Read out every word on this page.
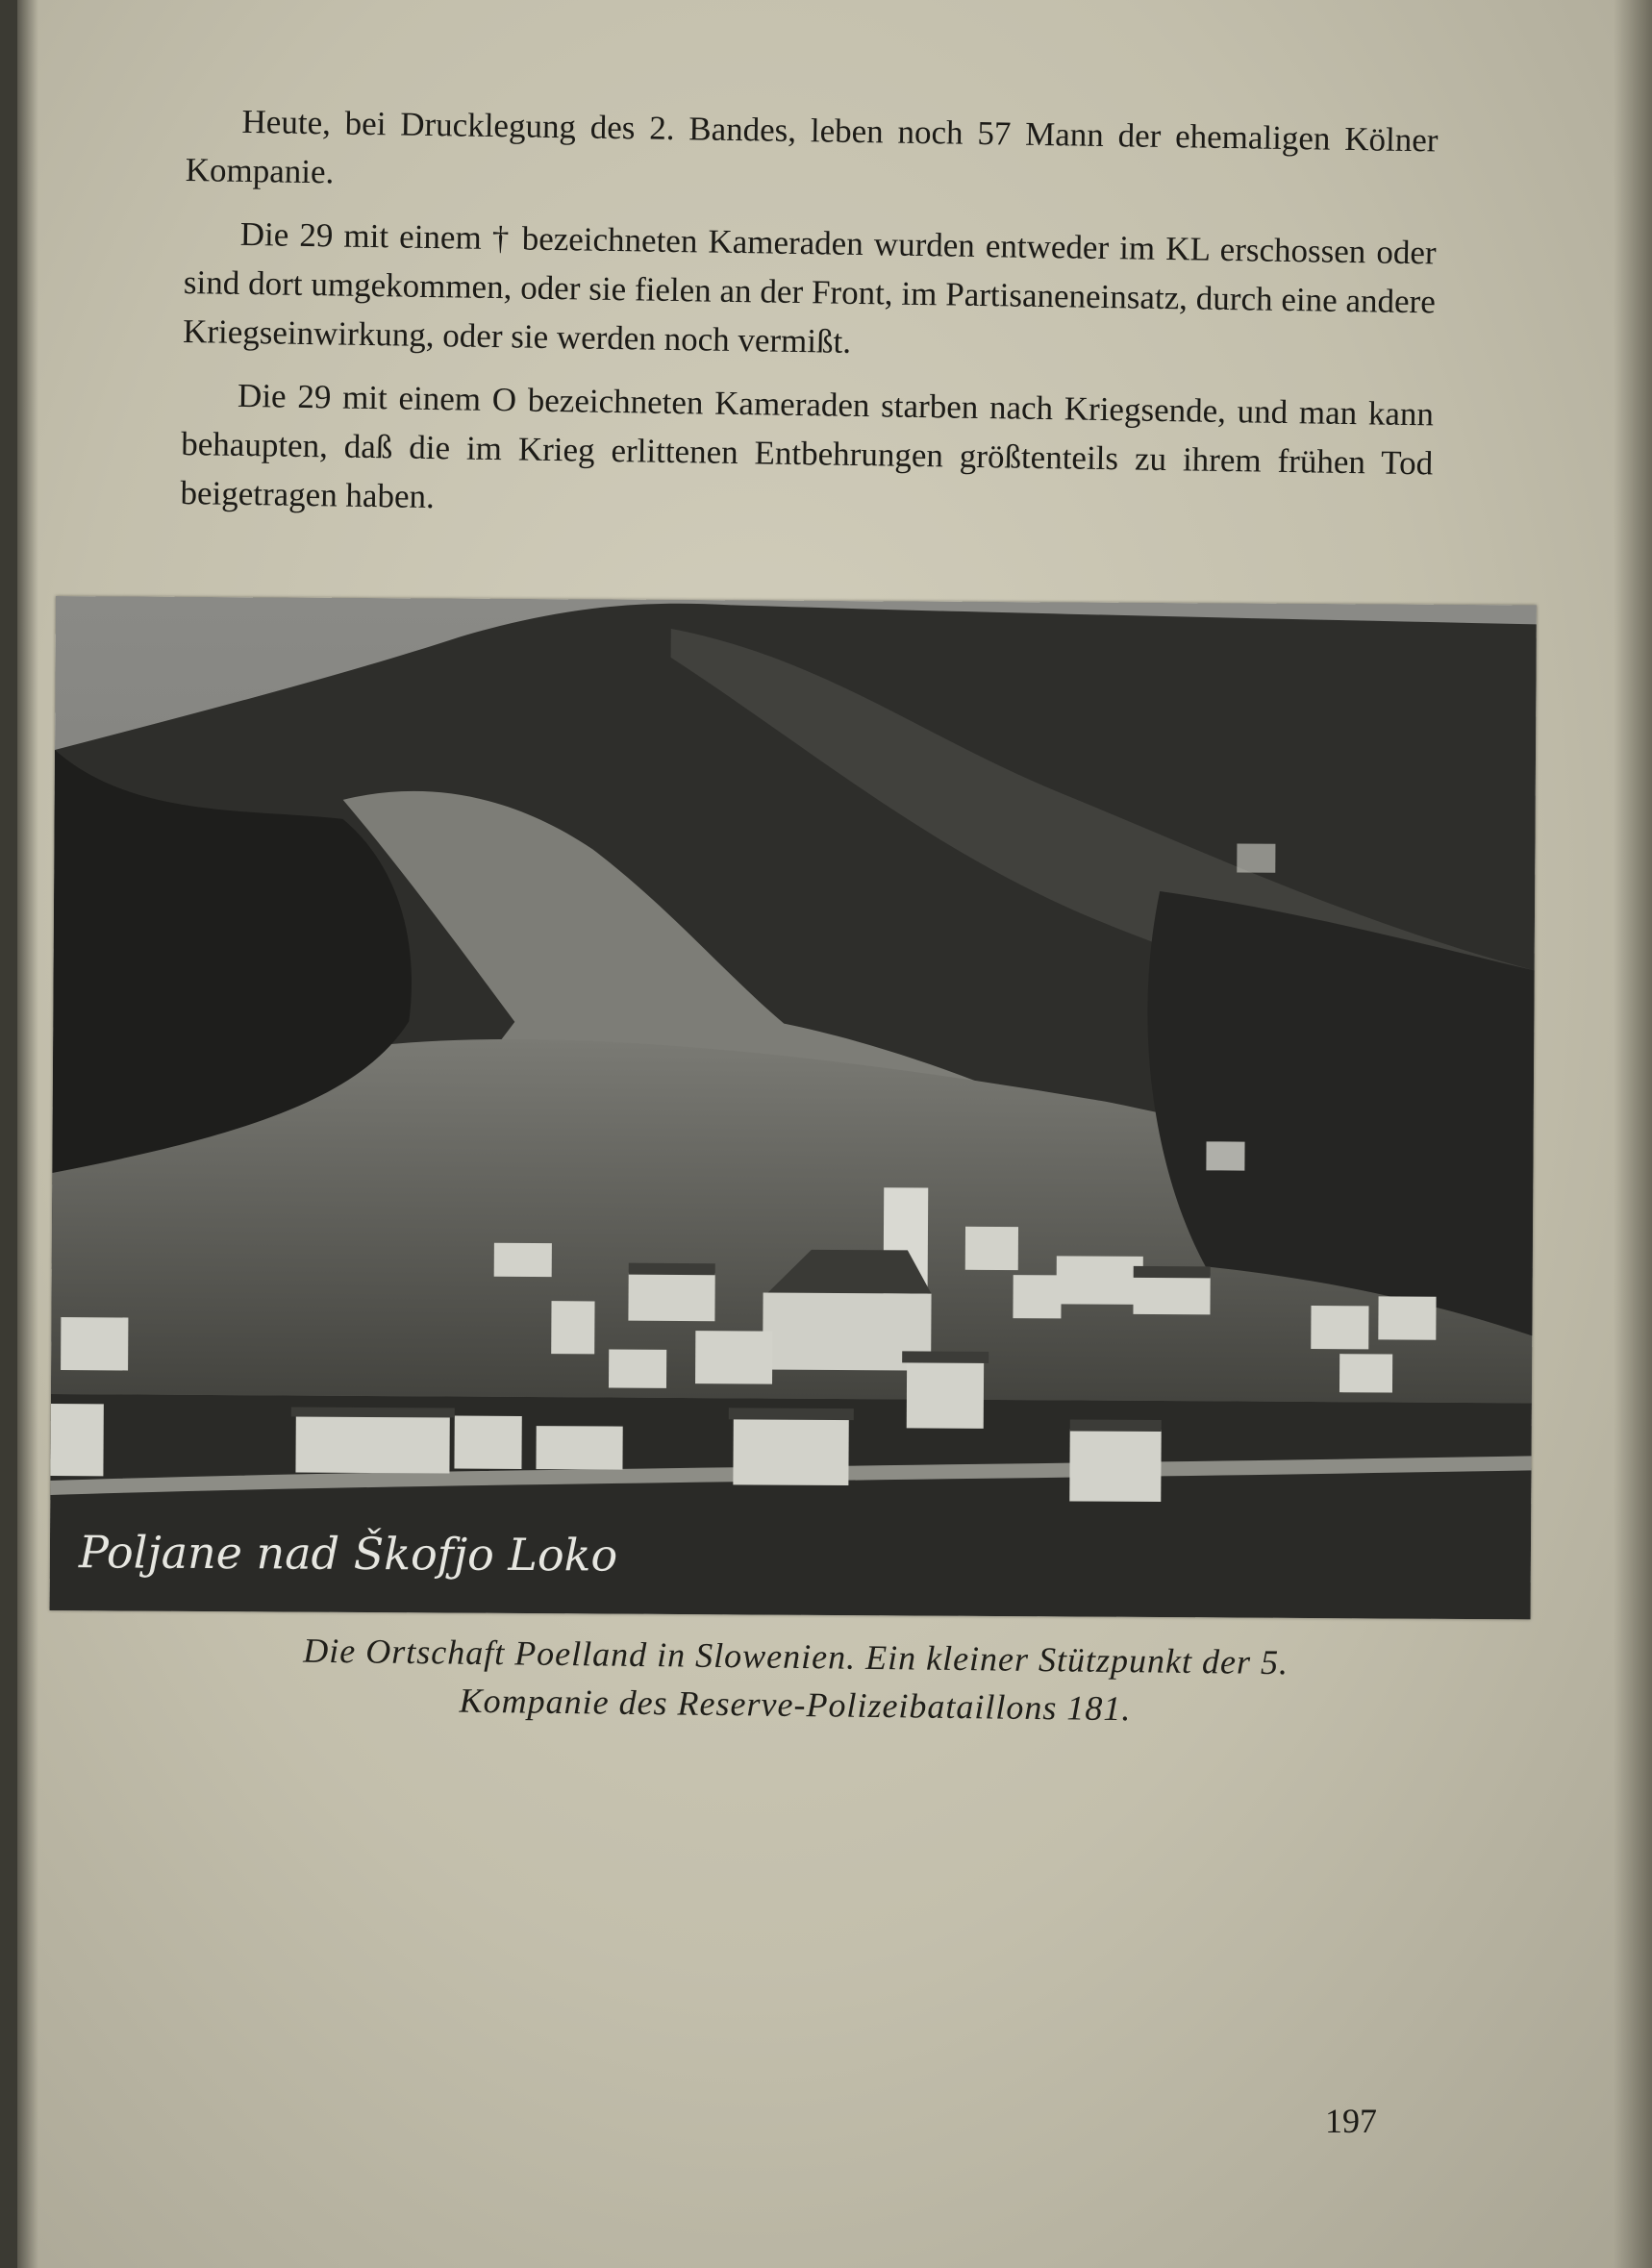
Heute, bei Drucklegung des 2. Bandes, leben noch 57 Mann der ehemaligen Kölner Kompanie.

Die 29 mit einem † bezeichneten Kameraden wurden entweder im KL erschossen oder sind dort umgekommen, oder sie fielen an der Front, im Partisaneneinsatz, durch eine andere Kriegseinwirkung, oder sie werden noch vermißt.

Die 29 mit einem O bezeichneten Kameraden starben nach Kriegsende, und man kann behaupten, daß die im Krieg erlittenen Entbehrungen größtenteils zu ihrem frühen Tod beigetragen haben.

Poljane nad Škofjo Loko
Die Ortschaft Poelland in Slowenien. Ein kleiner Stützpunkt der 5.
Kompanie des Reserve-Polizeibataillons 181.
197
